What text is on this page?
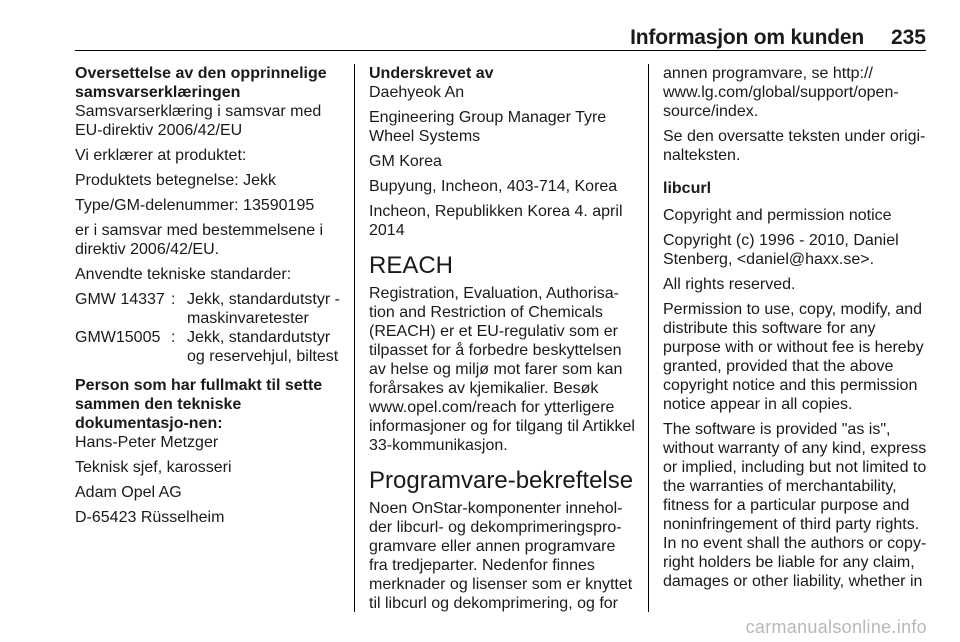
Informasjon om kunden 235

Oversettelse av den opprinnelige samsvarserklæringen

Samsvarserklæring i samsvar med EU-direktiv 2006/42/EU

Vi erklærer at produktet:

Produktets betegnelse: Jekk

Type/GM-delenummer: 13590195

er i samsvar med bestemmelsene i direktiv 2006/42/EU.

Anvendte tekniske standarder:

GMW 14337	:	Jekk, standardutstyr - maskinvaretester
GMW15005	:	Jekk, standardutstyr og reservehjul, biltest

Person som har fullmakt til sette sammen den tekniske dokumentasjo-nen:

Hans-Peter Metzger

Teknisk sjef, karosseri

Adam Opel AG

D-65423 Rüsselheim

Underskrevet av

Daehyeok An

Engineering Group Manager Tyre Wheel Systems

GM Korea

Bupyung, Incheon, 403-714, Korea

Incheon, Republikken Korea 4. april 2014

REACH

Registration, Evaluation, Authorisa-tion and Restriction of Chemicals (REACH) er et EU-regulativ som er tilpasset for å forbedre beskyttelsen av helse og miljø mot farer som kan forårsakes av kjemikalier. Besøk www.opel.com/reach for ytterligere informasjoner og for tilgang til Artikkel 33-kommunikasjon.

Programvare-bekreftelse

Noen OnStar-komponenter innehol-der libcurl- og dekomprimeringspro-gramvare eller annen programvare fra tredjeparter. Nedenfor finnes merknader og lisenser som er knyttet til libcurl og dekomprimering, og for

annen programvare, se http:// www.lg.com/global/support/open-source/index.

Se den oversatte teksten under origi-nalteksten.

libcurl

Copyright and permission notice

Copyright (c) 1996 - 2010, Daniel Stenberg, <daniel@haxx.se>.

All rights reserved.

Permission to use, copy, modify, and distribute this software for any purpose with or without fee is hereby granted, provided that the above copyright notice and this permission notice appear in all copies.

The software is provided "as is", without warranty of any kind, express or implied, including but not limited to the warranties of merchantability, fitness for a particular purpose and noninfringement of third party rights. In no event shall the authors or copy-right holders be liable for any claim, damages or other liability, whether in

carmanualsonline.info
